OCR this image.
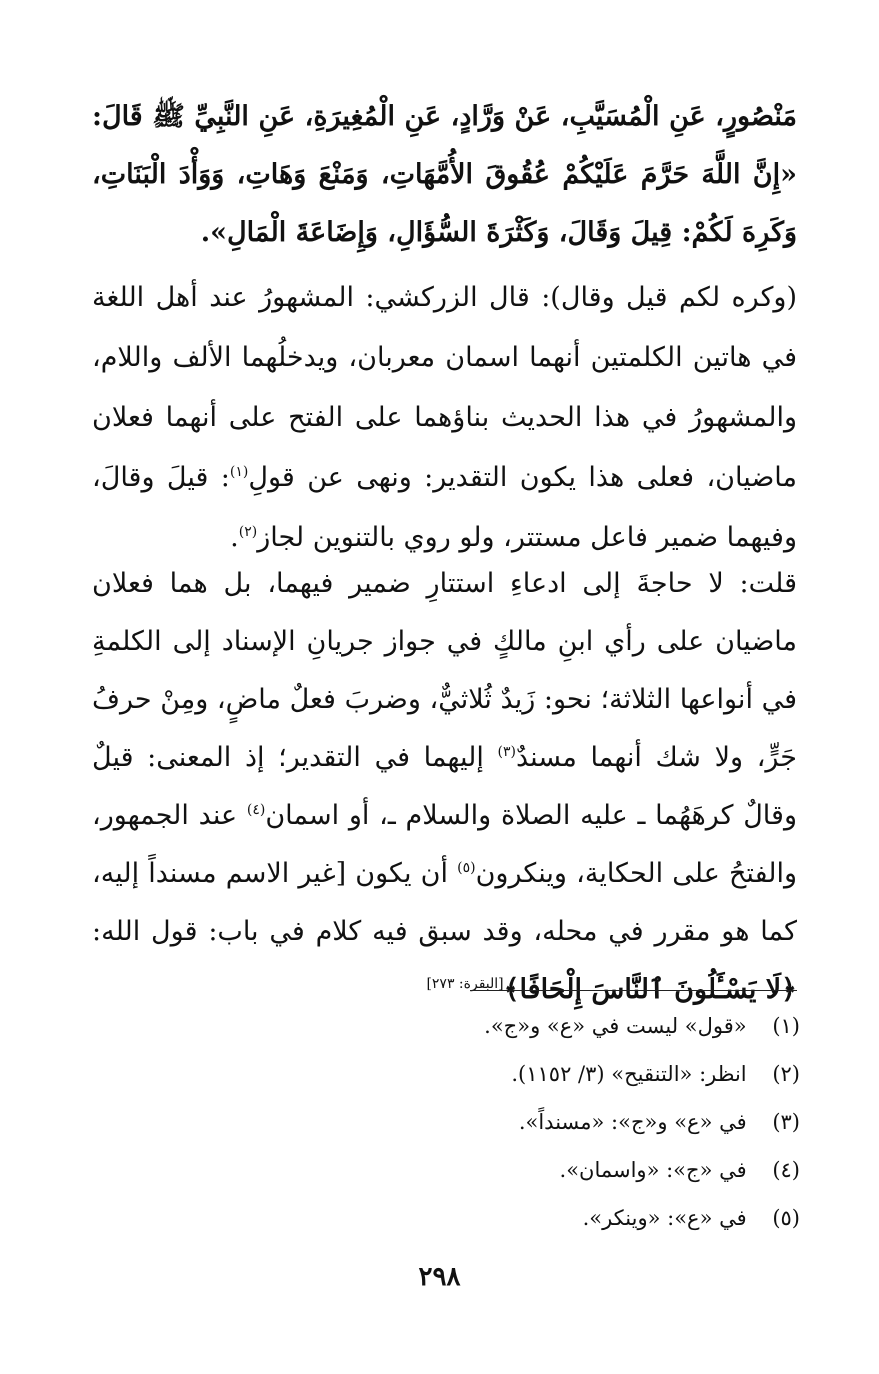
مَنْصُورٍ، عَنِ الْمُسَيَّبِ، عَنْ وَرَّادٍ، عَنِ الْمُغِيرَةِ، عَنِ النَّبِيِّ ﷺ قَالَ: «إِنَّ اللَّهَ حَرَّمَ عَلَيْكُمْ عُقُوقَ الأُمَّهَاتِ، وَمَنْعَ وَهَاتِ، وَوَأْدَ الْبَنَاتِ، وَكَرِهَ لَكُمْ: قِيلَ وَقَالَ، وَكَثْرَةَ السُّؤَالِ، وَإِضَاعَةَ الْمَالِ».

(وكره لكم قيل وقال): قال الزركشي: المشهورُ عند أهل اللغة في هاتين الكلمتين أنهما اسمان معربان، ويدخلُهما الألف واللام، والمشهورُ في هذا الحديث بناؤهما على الفتح على أنهما فعلان ماضيان، فعلى هذا يكون التقدير: ونهى عن قولِ$^{(١)}$: قيلَ وقالَ، وفيهما ضمير فاعل مستتر، ولو روي بالتنوين لجاز$^{(٢)}$.

قلت: لا حاجةَ إلى ادعاءِ استتارِ ضمير فيهما، بل هما فعلان ماضيان على رأي ابنِ مالكٍ في جواز جريانِ الإسناد إلى الكلمةِ في أنواعها الثلاثة؛ نحو: زَيدٌ ثُلاثيٌّ، وضربَ فعلٌ ماضٍ، ومِنْ حرفُ جَرٍّ، ولا شك أنهما مسندٌ$^{(٣)}$ إليهما في التقدير؛ إذ المعنى: قيلٌ وقالٌ كرهَهُما ـ عليه الصلاة والسلام ـ، أو اسمان$^{(٤)}$ عند الجمهور، والفتحُ على الحكاية، وينكرون$^{(٥)}$ أن يكون [غير الاسم مسنداً إليه، كما هو مقرر في محله، وقد سبق فيه كلام في باب: قول الله: ﴿لَا يَسْـَٔلُونَ ٱلنَّاسَ إِلْحَافًا﴾[البقرة: ٢٧٣]

(١)  «قول» ليست في «ع» و«ج».
(٢)  انظر: «التنقيح» (٣/ ١١٥٢).
(٣)  في «ع» و«ج»: «مسنداً».
(٤)  في «ج»: «واسمان».
(٥)  في «ع»: «وينكر».
٢٩٨
